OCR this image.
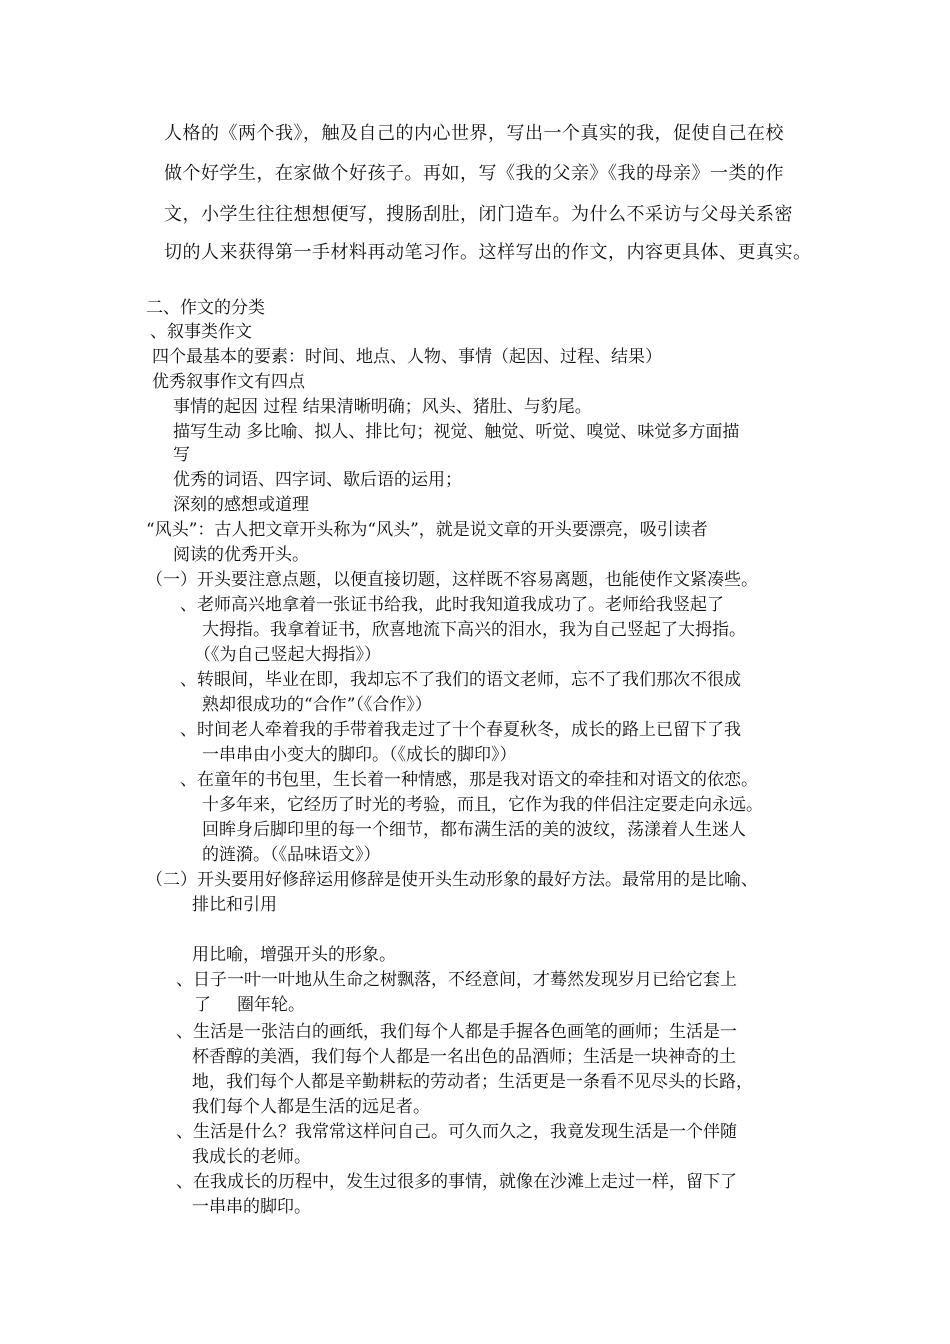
人格的《两个我》，触及自己的内心世界，写出一个真实的我，促使自己在校
做个好学生，在家做个好孩子。再如，写《我的父亲》《我的母亲》一类的作
文，小学生往往想想便写，搜肠刮肚，闭门造车。为什么不采访与父母关系密
切的人来获得第一手材料再动笔习作。这样写出的作文，内容更具体、更真实。
二、作文的分类
、叙事类作文
四个最基本的要素：时间、地点、人物、事情（起因、过程、结果）
优秀叙事作文有四点
事情的起因 过程 结果清晰明确；风头、猪肚、与豹尾。
描写生动 多比喻、拟人、排比句；视觉、触觉、听觉、嗅觉、味觉多方面描
写
优秀的词语、四字词、歇后语的运用；
深刻的感想或道理
“风头”：古人把文章开头称为“风头”，就是说文章的开头要漂亮，吸引读者
阅读的优秀开头。
（一）开头要注意点题，以便直接切题，这样既不容易离题，也能使作文紧凑些。
、老师高兴地拿着一张证书给我，此时我知道我成功了。老师给我竖起了
大拇指。我拿着证书，欣喜地流下高兴的泪水，我为自己竖起了大拇指。
（《为自己竖起大拇指》）
、转眼间，毕业在即，我却忘不了我们的语文老师，忘不了我们那次不很成
熟却很成功的“合作”（《合作》）
、时间老人牵着我的手带着我走过了十个春夏秋冬，成长的路上已留下了我
一串串由小变大的脚印。（《成长的脚印》）
、在童年的书包里，生长着一种情感，那是我对语文的牵挂和对语文的依恋。
十多年来，它经历了时光的考验，而且，它作为我的伴侣注定要走向永远。
回眸身后脚印里的每一个细节，都布满生活的美的波纹，荡漾着人生迷人
的涟漪。（《品味语文》）
（二）开头要用好修辞运用修辞是使开头生动形象的最好方法。最常用的是比喻、
排比和引用
用比喻，增强开头的形象。
、日子一叶一叶地从生命之树飘落，不经意间，才蓦然发现岁月已给它套上
了 圈年轮。
、生活是一张洁白的画纸，我们每个人都是手握各色画笔的画师；生活是一
杯香醇的美酒，我们每个人都是一名出色的品酒师；生活是一块神奇的土
地，我们每个人都是辛勤耕耘的劳动者；生活更是一条看不见尽头的长路，
我们每个人都是生活的远足者。
、生活是什么？我常常这样问自己。可久而久之，我竟发现生活是一个伴随
我成长的老师。
、在我成长的历程中，发生过很多的事情，就像在沙滩上走过一样，留下了
一串串的脚印。
